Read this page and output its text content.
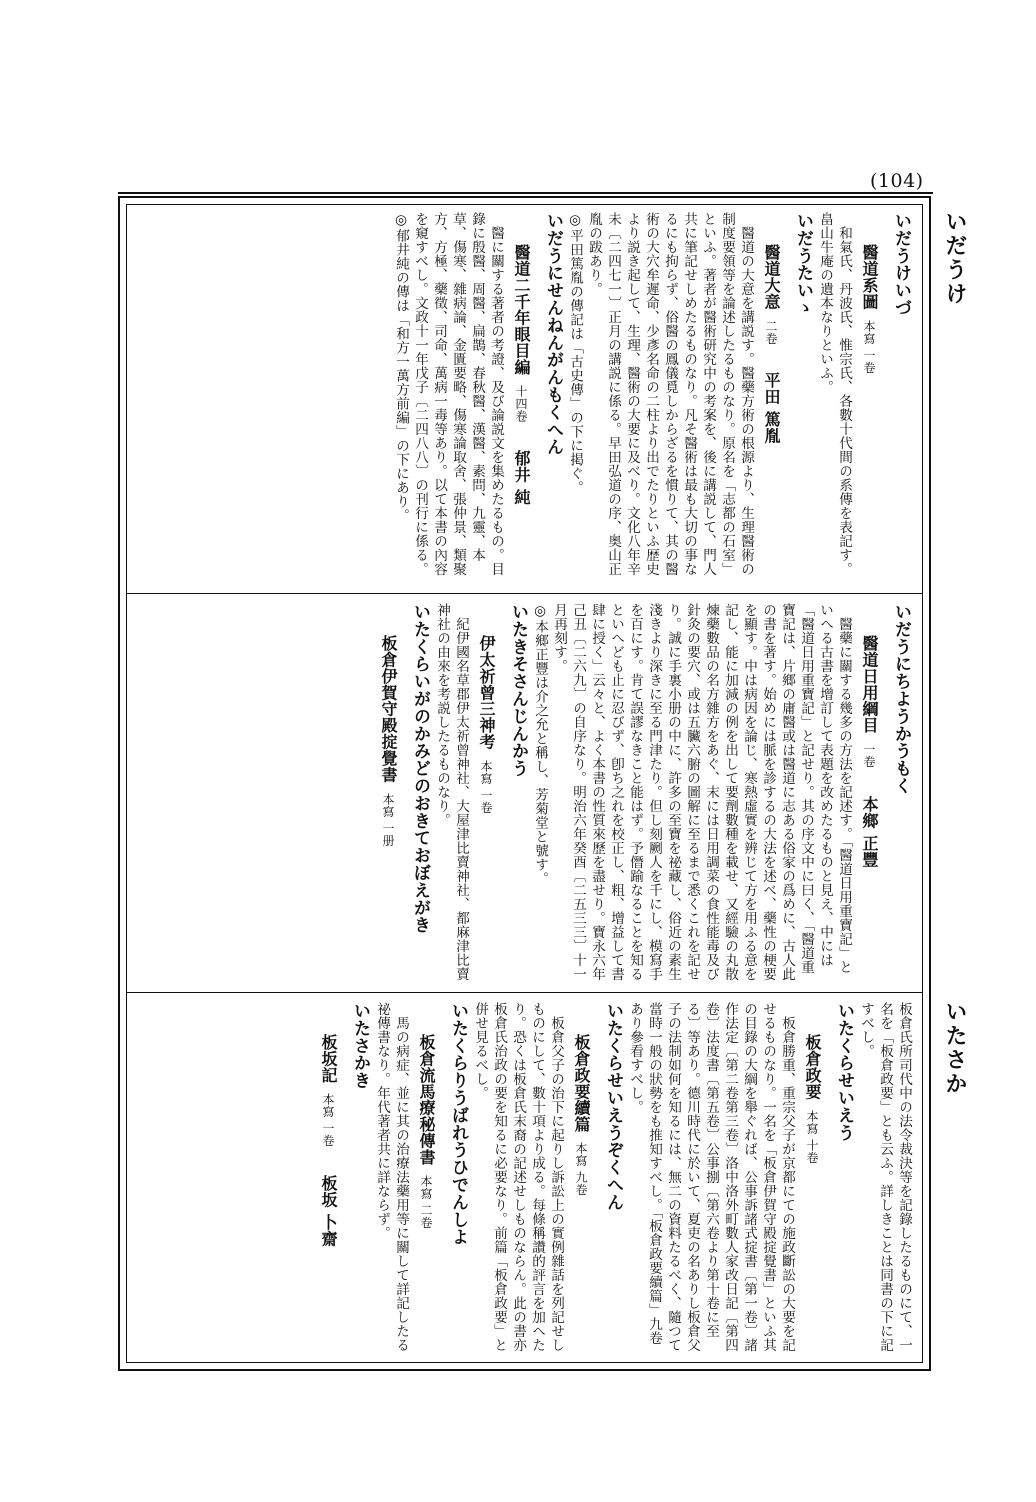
(104)
いだうけ
いたさか
いだうけいづ
醫道系圖本寫 一卷
和氣氏、丹波氏、惟宗氏、各數十代間の系傳を表記す。畠山牛庵の遺本なりといふ。
いだうたいゝ
醫道大意二卷平田 篤胤
醫道の大意を講説す。醫藥方術の根源より、生理醫術の制度要領等を論述したるものなり。原名を「志都の石室」といふ。著者が醫術研究中の考案を、後に講説して、門人共に筆記せしめたるものなり。凡そ醫術は最も大切の事なるにも拘らず、俗醫の鳳儀覓しからざるを慣りて、其の醫術の大穴牟遲命、少彥名命の二柱より出でたりといふ歴史より説き起して、生理、醫術の大要に及べり。文化八年辛未〔二四七一〕正月の講説に係る。早田弘道の序、奥山正胤の跋あり。
◎平田篤胤の傳記は「古史傳」の下に掲ぐ。
いだうにせんねんがんもくへん
醫道二千年眼目編十四卷郁井 純
醫に關する著者の考證、及び論説文を集めたるもの。目錄に殷醫、周醫、扁鵲、春秋醫、漢醫、素問、九靈、本草、傷寒、雜病論、金匱要略、傷寒論取舍、張仲景、類聚方、方極、藥徵、司命、萬病一毒等あり。以て本書の內容を窺すべし。文政十一年戊子〔二四八八〕の刊行に係る。
◎郁井純の傳は「和方一萬方前編」の下にあり。
いだうにちようかうもく
醫道日用綱目一卷本鄉 正豐
醫藥に關する幾多の方法を記述す。「醫道日用重寶記」といへる古書を增訂して表題を改めたるものと見え、中には「醫道日用重寶記」と記せり。其の序文中に曰く、「醫道重寶記は、片鄉の庸醫或は醫道に志ある俗家の爲めに、古人此の書を著す。始めには脈を診するの大法を述べ、藥性の梗要を顯す。中は病因を論じ、寒熱虛實を辨じて方を用ふる意を記し、能に加減の例を出して要劑數種を載せ、又經驗の丸散煉藥數品の名方雜方をあぐ、末には日用調菜の食性能毒及び針灸の要穴、或は五臟六腑の圖解に至るまで悉くこれを記せり。誠に手裏小册の中に、許多の至寶を祕藏し、俗近の素生淺きより深きに至る門津たり。但し刻劂人を千にし、模寫手を百にす。肯て誤謬なきこと能はず。予僭踰なることを知るといへども止に忍びず、卽ち之れを校正し、粗、增益して書肆に授く」云々と、よく本書の性質來歷を盡せり。寶永六年己丑〔二六九〕の自序なり。明治六年癸酉〔二五三三〕十一月再刻す。
◎本鄉正豐は介之允と稱し、芳菊堂と號す。
いたきそさんじんかう
伊太祈曾三神考本寫 一卷
紀伊國名草郡伊太祈曾神社、大屋津比賣神社、都麻津比賣神社の由來を考説したるものなり。
いたくらいがのかみどのおきておぼえがき
板倉伊賀守殿掟覺書本寫 一册
板倉氏所司代中の法令裁決等を記錄したるものにて、一名を「板倉政要」とも云ふ。詳しきことは同書の下に記すべし。
いたくらせいえう
板倉政要本寫 十卷
板倉勝重、重宗父子が京都にての施政斷訟の大要を記せるものなり。一名を「板倉伊賀守殿掟覺書」といふ其の目錄の大綱を舉ぐれば、公事訴諸式掟書〔第一卷〕諸作法定〔第二卷第三卷〕洛中洛外町數人家改日記〔第四卷〕法度書〔第五卷〕公事捌〔第六卷より第十卷に至る〕等あり。德川時代に於いて、夏吏の名ありし板倉父子の法制如何を知るには、無二の資料たるべく、隨つて當時一般の狀勢をも推知すべし。「板倉政要續篇」九卷あり參看すべし。
いたくらせいえうぞくへん
板倉政要續篇本寫 九卷
板倉父子の治下に起りし訴訟上の實例雜話を列記せしものにして、數十項より成る。每條稱讚的評言を加へたり。恐くは板倉氏末裔の記述せしものならん。此の書亦板倉氏治政の要を知るに必要なり。前篇「板倉政要」と併せ見るべし。
いたくらりうばれうひでんしよ
板倉流馬療秘傳書本寫 二卷
馬の病症、並に其の治療法藥用等に關して詳記したる祕傳書なり。年代著者共に詳ならず。
いたさかき
板坂記本寫 一卷板坂 卜齋
